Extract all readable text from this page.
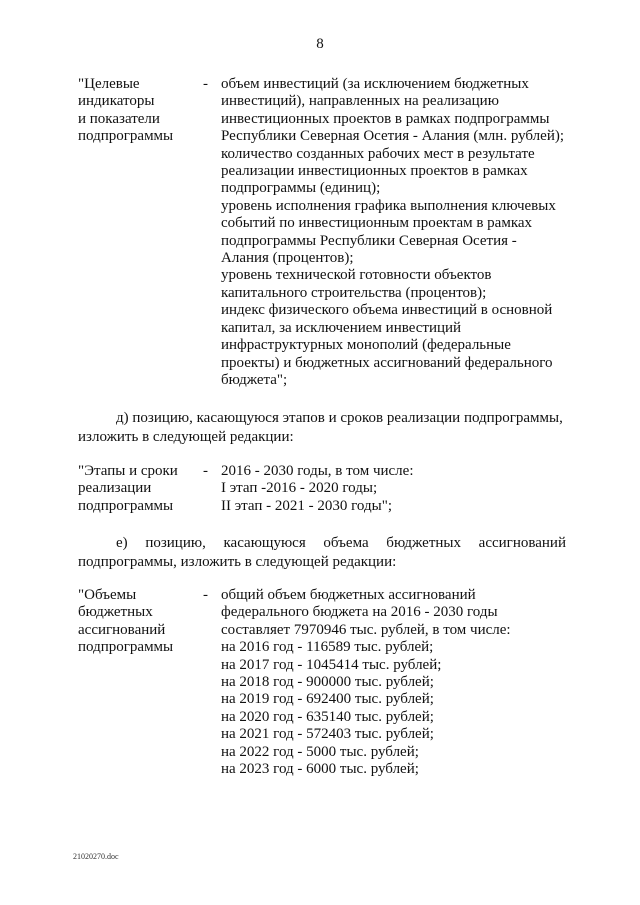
8
"Целевые
индикаторы
и показатели
подпрограммы
- объем инвестиций (за исключением бюджетных
инвестиций), направленных на реализацию
инвестиционных проектов в рамках подпрограммы
Республики Северная Осетия - Алания (млн. рублей);
количество созданных рабочих мест в результате
реализации инвестиционных проектов в рамках
подпрограммы (единиц);
уровень исполнения графика выполнения ключевых
событий по инвестиционным проектам в рамках
подпрограммы Республики Северная Осетия -
Алания (процентов);
уровень технической готовности объектов
капитального строительства (процентов);
индекс физического объема инвестиций в основной
капитал, за исключением инвестиций
инфраструктурных монополий (федеральные
проекты) и бюджетных ассигнований федерального
бюджета";
д) позицию, касающуюся этапов и сроков реализации подпрограммы,
изложить в следующей редакции:
"Этапы и сроки
реализации
подпрограммы
- 2016 - 2030 годы, в том числе:
I этап -2016 - 2020 годы;
II этап - 2021 - 2030 годы";
е) позицию, касающуюся объема бюджетных ассигнований
подпрограммы, изложить в следующей редакции:
"Объемы
бюджетных
ассигнований
подпрограммы
- общий объем бюджетных ассигнований
федерального бюджета на 2016 - 2030 годы
составляет 7970946 тыс. рублей, в том числе:
на 2016 год - 116589 тыс. рублей;
на 2017 год - 1045414 тыс. рублей;
на 2018 год - 900000 тыс. рублей;
на 2019 год - 692400 тыс. рублей;
на 2020 год - 635140 тыс. рублей;
на 2021 год - 572403 тыс. рублей;
на 2022 год - 5000 тыс. рублей;
на 2023 год - 6000 тыс. рублей;
21020270.doc
